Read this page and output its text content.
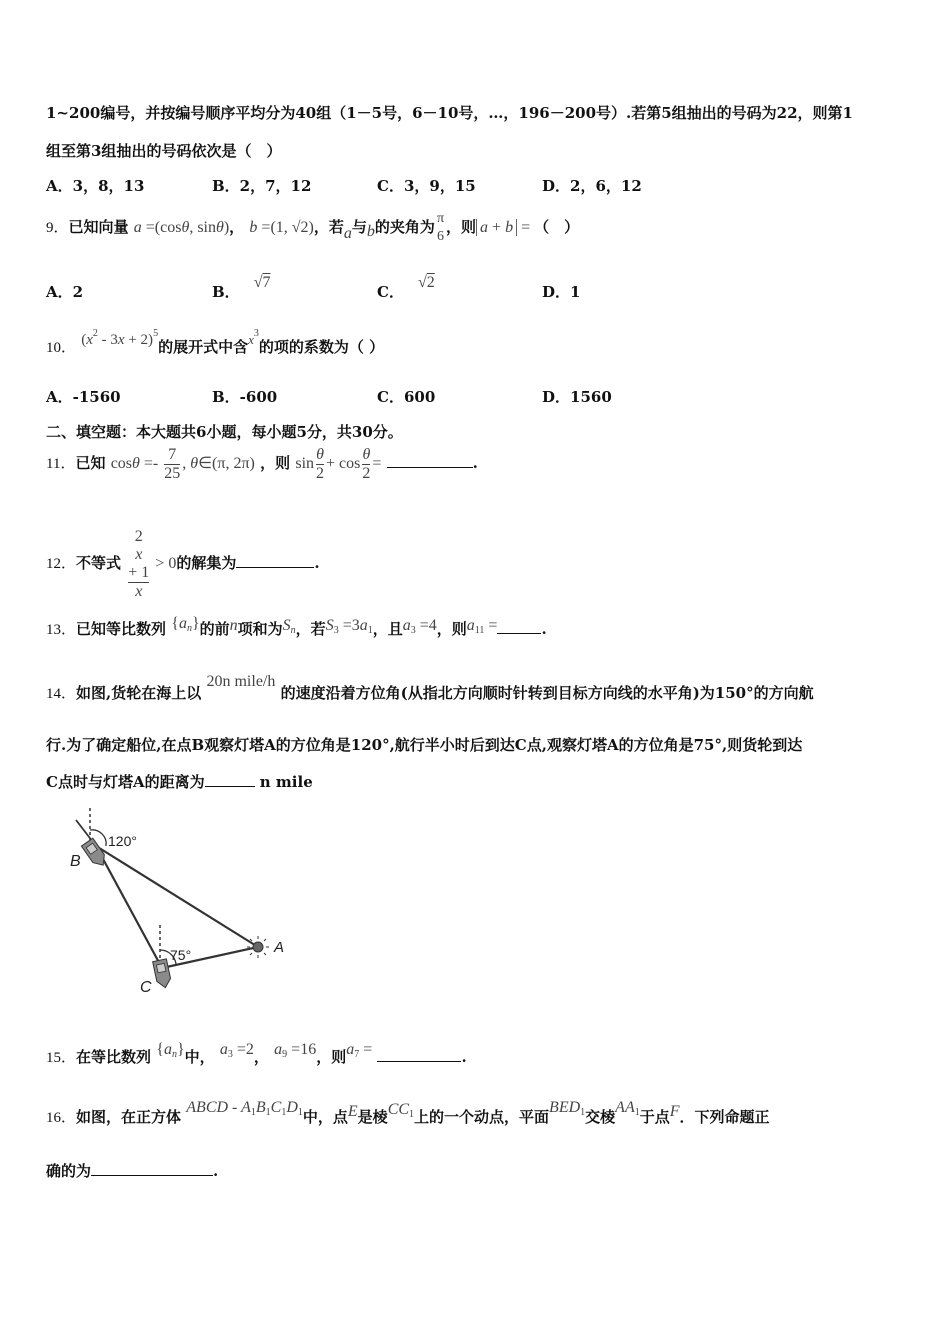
1~200编号，并按编号顺序平均分为40组（1－5号，6－10号，…，196－200号）.若第5组抽出的号码为22，则第1
组至第3组抽出的号码依次是（　）
A．3，8，13	B．2，7，12	C．3，9，15	D．2，6，12
9．已知向量 a =(cosθ, sinθ)， b =(1, √2)，若a与b的夹角为 π
6
，则 a + b = （　）
A．2	B．√7
C．√2
D．1
10． $(x^2 - 3x + 2)^5$的展开式中含$x^3$的项的系数为（ ）
A．-1560	B．-600	C．600	D．1560
二、填空题：本大题共6小题，每小题5分，共30分。
11．已知 $\cos\theta =- \frac{7}{25}$ , θ∈(π, 2π) ，则 $\sin \frac{\theta}{2} + \cos \frac{\theta}{2}$ =	.
12．不等式 2
x
+ 1
x > 0的解集为	.
13．已知等比数列 $\{a_n\}$的前n项和为$S_n$，若$S_3 =3a_1$，且$a_3 =4$，则$a_{11}$ =	.
14．如图,货轮在海上以 20n mile/h 的速度沿着方位角(从指北方向顺时针转到目标方向线的水平角)为150°的方向航
行.为了确定船位,在点B观察灯塔A的方位角是120°,航行半小时后到达C点,观察灯塔A的方位角是75°,则货轮到达
C点时与灯塔A的距离为	n mile
120°
75°	A
B
C
15．在等比数列 $\{a_n\}$中， $a_3 =2$， $a_9 =16$，则$a_7$ =	.
16．如图，在正方体 ABCD - $A_1B_1C_1D_1$中，点E是棱$CC_1$上的一个动点，平面$BED_1$交棱$AA_1$于点F．下列命题正
确的为	.
